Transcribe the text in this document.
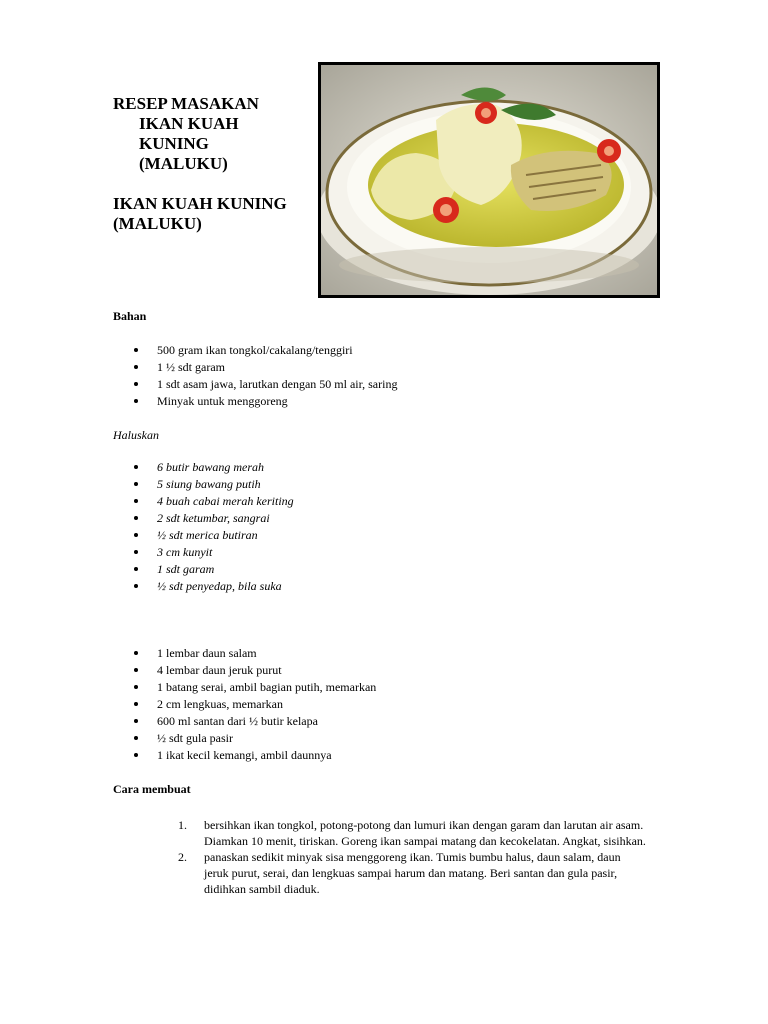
RESEP MASAKAN

IKAN KUAH

KUNING

(MALUKU)

IKAN KUAH KUNING

(MALUKU)

Bahan
500 gram ikan tongkol/cakalang/tenggiri
1 ½ sdt garam
1 sdt asam jawa, larutkan dengan 50 ml air, saring
Minyak untuk menggoreng
Haluskan
6 butir bawang merah
5 siung bawang putih
4 buah cabai merah keriting
2 sdt ketumbar, sangrai
½ sdt merica butiran
3 cm kunyit
1 sdt garam
½ sdt penyedap, bila suka
1 lembar daun salam
4 lembar daun jeruk purut
1 batang serai, ambil bagian putih, memarkan
2 cm lengkuas, memarkan
600 ml santan dari ½ butir kelapa
½ sdt gula pasir
1 ikat kecil kemangi, ambil daunnya
Cara membuat
1. bersihkan ikan tongkol, potong-potong dan lumuri ikan dengan garam dan larutan air asam. Diamkan 10 menit, tiriskan. Goreng ikan sampai matang dan kecokelatan. Angkat, sisihkan.
2. panaskan sedikit minyak sisa menggoreng ikan. Tumis bumbu halus, daun salam, daun jeruk purut, serai, dan lengkuas sampai harum dan matang. Beri santan dan gula pasir, didihkan sambil diaduk.
